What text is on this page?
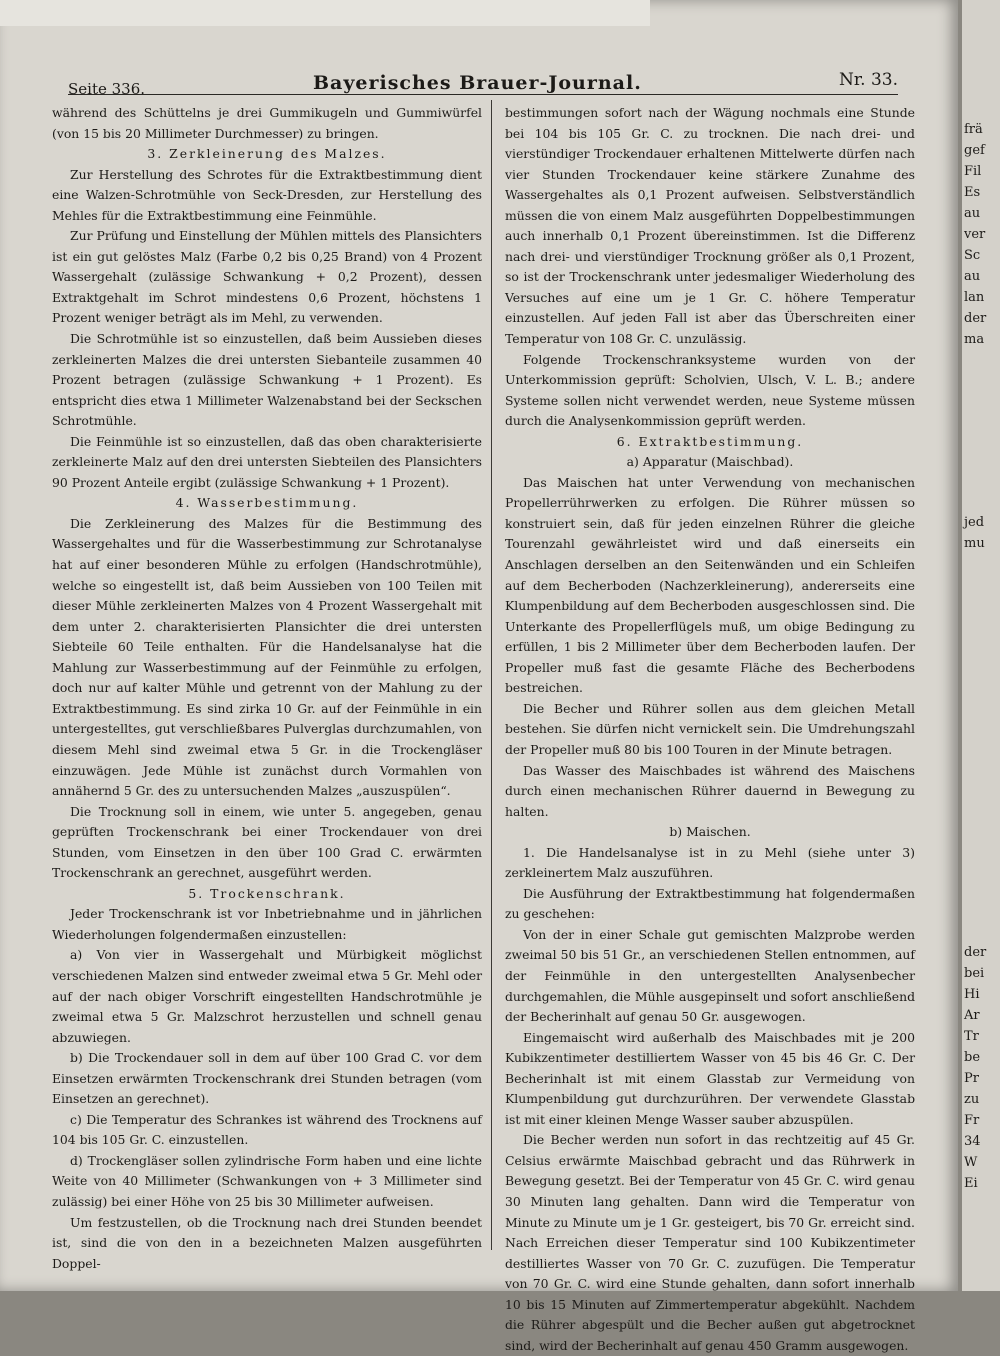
Seite 336.	Bayerisches Brauer-Journal.	Nr. 33.

während des Schüttelns je drei Gummikugeln und Gummiwürfel (von 15 bis 20 Millimeter Durchmesser) zu bringen.

3. Zerkleinerung des Malzes.

Zur Herstellung des Schrotes für die Extraktbestimmung dient eine Walzen-Schrotmühle von Seck-Dresden, zur Herstellung des Mehles für die Extraktbestimmung eine Feinmühle.

Zur Prüfung und Einstellung der Mühlen mittels des Plansichters ist ein gut gelöstes Malz (Farbe 0,2 bis 0,25 Brand) von 4 Prozent Wassergehalt (zulässige Schwankung + 0,2 Prozent), dessen Extraktgehalt im Schrot mindestens 0,6 Prozent, höchstens 1 Prozent weniger beträgt als im Mehl, zu verwenden.

Die Schrotmühle ist so einzustellen, daß beim Aussieben dieses zerkleinerten Malzes die drei untersten Siebanteile zusammen 40 Prozent betragen (zulässige Schwankung + 1 Prozent). Es entspricht dies etwa 1 Millimeter Walzenabstand bei der Seckschen Schrotmühle.

Die Feinmühle ist so einzustellen, daß das oben charakterisierte zerkleinerte Malz auf den drei untersten Siebteilen des Plansichters 90 Prozent Anteile ergibt (zulässige Schwankung + 1 Prozent).

4. Wasserbestimmung.

Die Zerkleinerung des Malzes für die Bestimmung des Wassergehaltes und für die Wasserbestimmung zur Schrotanalyse hat auf einer besonderen Mühle zu erfolgen (Handschrotmühle), welche so eingestellt ist, daß beim Aussieben von 100 Teilen mit dieser Mühle zerkleinerten Malzes von 4 Prozent Wassergehalt mit dem unter 2. charakterisierten Plansichter die drei untersten Siebteile 60 Teile enthalten. Für die Handelsanalyse hat die Mahlung zur Wasserbestimmung auf der Feinmühle zu erfolgen, doch nur auf kalter Mühle und getrennt von der Mahlung zu der Extraktbestimmung. Es sind zirka 10 Gr. auf der Feinmühle in ein untergestelltes, gut verschließbares Pulverglas durchzumahlen, von diesem Mehl sind zweimal etwa 5 Gr. in die Trockengläser einzuwägen. Jede Mühle ist zunächst durch Vormahlen von annähernd 5 Gr. des zu untersuchenden Malzes „auszuspülen“.

Die Trocknung soll in einem, wie unter 5. angegeben, genau geprüften Trockenschrank bei einer Trockendauer von drei Stunden, vom Einsetzen in den über 100 Grad C. erwärmten Trockenschrank an gerechnet, ausgeführt werden.

5. Trockenschrank.

Jeder Trockenschrank ist vor Inbetriebnahme und in jährlichen Wiederholungen folgendermaßen einzustellen:

a) Von vier in Wassergehalt und Mürbigkeit möglichst verschiedenen Malzen sind entweder zweimal etwa 5 Gr. Mehl oder auf der nach obiger Vorschrift eingestellten Handschrotmühle je zweimal etwa 5 Gr. Malzschrot herzustellen und schnell genau abzuwiegen.

b) Die Trockendauer soll in dem auf über 100 Grad C. vor dem Einsetzen erwärmten Trockenschrank drei Stunden betragen (vom Einsetzen an gerechnet).

c) Die Temperatur des Schrankes ist während des Trocknens auf 104 bis 105 Gr. C. einzustellen.

d) Trockengläser sollen zylindrische Form haben und eine lichte Weite von 40 Millimeter (Schwankungen von + 3 Millimeter sind zulässig) bei einer Höhe von 25 bis 30 Millimeter aufweisen.

Um festzustellen, ob die Trocknung nach drei Stunden beendet ist, sind die von den in a bezeichneten Malzen ausgeführten Doppel-

bestimmungen sofort nach der Wägung nochmals eine Stunde bei 104 bis 105 Gr. C. zu trocknen. Die nach drei- und vierstündiger Trockendauer erhaltenen Mittelwerte dürfen nach vier Stunden Trockendauer keine stärkere Zunahme des Wassergehaltes als 0,1 Prozent aufweisen. Selbstverständlich müssen die von einem Malz ausgeführten Doppelbestimmungen auch innerhalb 0,1 Prozent übereinstimmen. Ist die Differenz nach drei- und vierstündiger Trocknung größer als 0,1 Prozent, so ist der Trockenschrank unter jedesmaliger Wiederholung des Versuches auf eine um je 1 Gr. C. höhere Temperatur einzustellen. Auf jeden Fall ist aber das Überschreiten einer Temperatur von 108 Gr. C. unzulässig.

Folgende Trockenschranksysteme wurden von der Unterkommission geprüft: Scholvien, Ulsch, V. L. B.; andere Systeme sollen nicht verwendet werden, neue Systeme müssen durch die Analysenkommission geprüft werden.

6. Extraktbestimmung.

a) Apparatur (Maischbad).

Das Maischen hat unter Verwendung von mechanischen Propellerrührwerken zu erfolgen. Die Rührer müssen so konstruiert sein, daß für jeden einzelnen Rührer die gleiche Tourenzahl gewährleistet wird und daß einerseits ein Anschlagen derselben an den Seitenwänden und ein Schleifen auf dem Becherboden (Nachzerkleinerung), andererseits eine Klumpenbildung auf dem Becherboden ausgeschlossen sind. Die Unterkante des Propellerflügels muß, um obige Bedingung zu erfüllen, 1 bis 2 Millimeter über dem Becherboden laufen. Der Propeller muß fast die gesamte Fläche des Becherbodens bestreichen.

Die Becher und Rührer sollen aus dem gleichen Metall bestehen. Sie dürfen nicht vernickelt sein. Die Umdrehungszahl der Propeller muß 80 bis 100 Touren in der Minute betragen.

Das Wasser des Maischbades ist während des Maischens durch einen mechanischen Rührer dauernd in Bewegung zu halten.

b) Maischen.

1. Die Handelsanalyse ist in zu Mehl (siehe unter 3) zerkleinertem Malz auszuführen.

Die Ausführung der Extraktbestimmung hat folgendermaßen zu geschehen:

Von der in einer Schale gut gemischten Malzprobe werden zweimal 50 bis 51 Gr., an verschiedenen Stellen entnommen, auf der Feinmühle in den untergestellten Analysenbecher durchgemahlen, die Mühle ausgepinselt und sofort anschließend der Becherinhalt auf genau 50 Gr. ausgewogen.

Eingemaischt wird außerhalb des Maischbades mit je 200 Kubikzentimeter destilliertem Wasser von 45 bis 46 Gr. C. Der Becherinhalt ist mit einem Glasstab zur Vermeidung von Klumpenbildung gut durchzurühren. Der verwendete Glasstab ist mit einer kleinen Menge Wasser sauber abzuspülen.

Die Becher werden nun sofort in das rechtzeitig auf 45 Gr. Celsius erwärmte Maischbad gebracht und das Rührwerk in Bewegung gesetzt. Bei der Temperatur von 45 Gr. C. wird genau 30 Minuten lang gehalten. Dann wird die Temperatur von Minute zu Minute um je 1 Gr. gesteigert, bis 70 Gr. erreicht sind. Nach Erreichen dieser Temperatur sind 100 Kubikzentimeter destilliertes Wasser von 70 Gr. C. zuzufügen. Die Temperatur von 70 Gr. C. wird eine Stunde gehalten, dann sofort innerhalb 10 bis 15 Minuten auf Zimmertemperatur abgekühlt. Nachdem die Rührer abgespült und die Becher außen gut abgetrocknet sind, wird der Becherinhalt auf genau 450 Gramm ausgewogen.

frä
gef
Fil
Es
au
ver
Sc
au
lan
der
ma
jed
mu
der
bei
Hi
Ar
Tr
be
Pr
zu
Fr
34
W
Ei
